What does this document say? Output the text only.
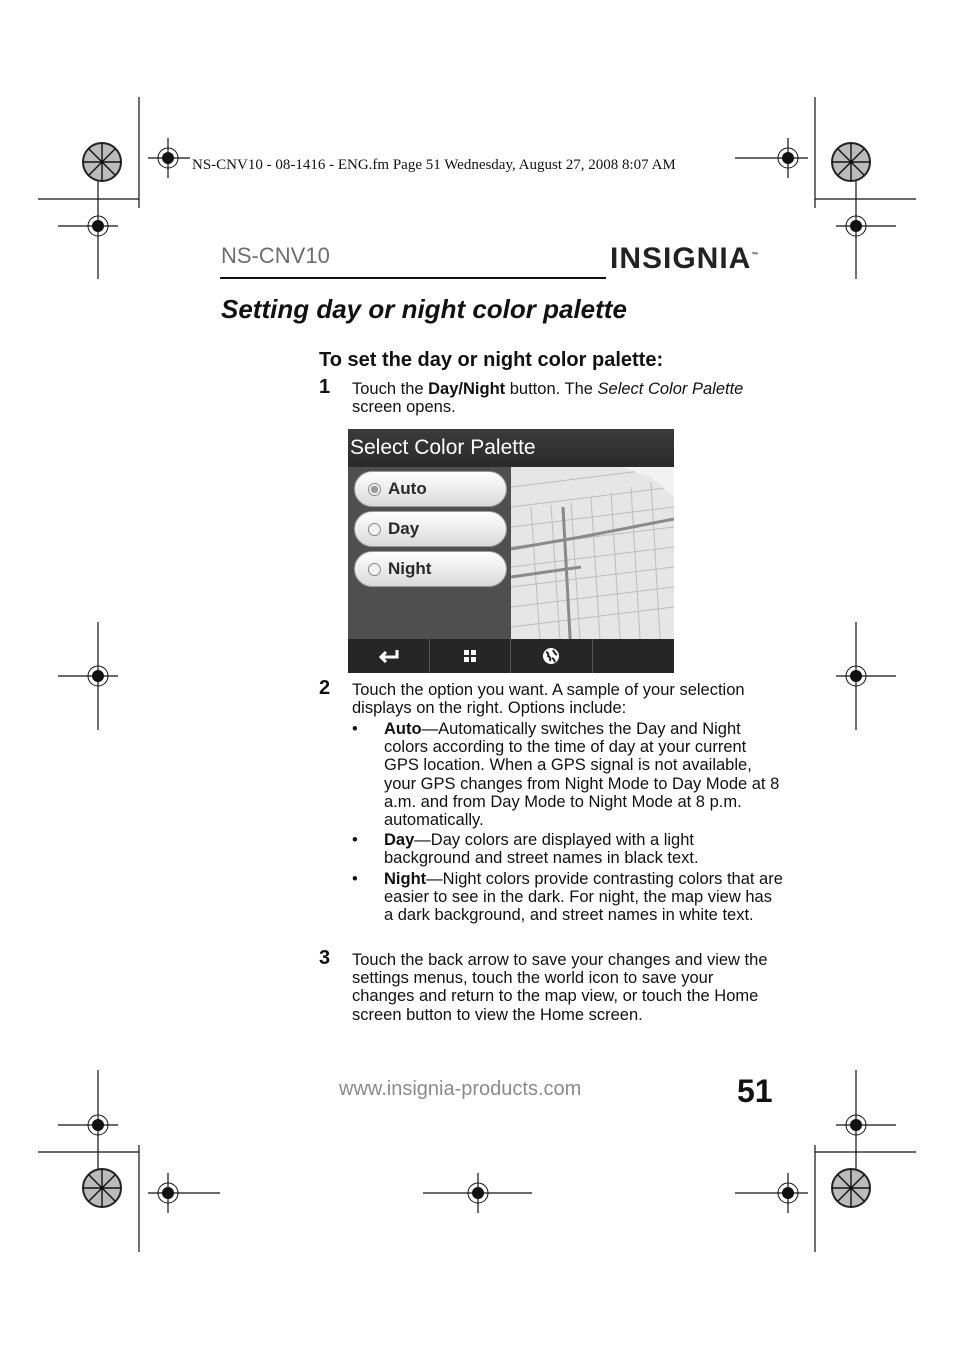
NS-CNV10 - 08-1416 - ENG.fm Page 51 Wednesday, August 27, 2008 8:07 AM
NS-CNV10	INSIGNIA ™
Setting day or night color palette
To set the day or night color palette:
1 Touch the Day/Night button. The Select Color Palette screen opens.
Select Color Palette
Auto
Day
Night
2 Touch the option you want. A sample of your selection displays on the right. Options include:
• Auto—Automatically switches the Day and Night colors according to the time of day at your current GPS location. When a GPS signal is not available, your GPS changes from Night Mode to Day Mode at 8 a.m. and from Day Mode to Night Mode at 8 p.m. automatically.
• Day—Day colors are displayed with a light background and street names in black text.
• Night—Night colors provide contrasting colors that are easier to see in the dark. For night, the map view has a dark background, and street names in white text.
3 Touch the back arrow to save your changes and view the settings menus, touch the world icon to save your changes and return to the map view, or touch the Home screen button to view the Home screen.
www.insignia-products.com	51
